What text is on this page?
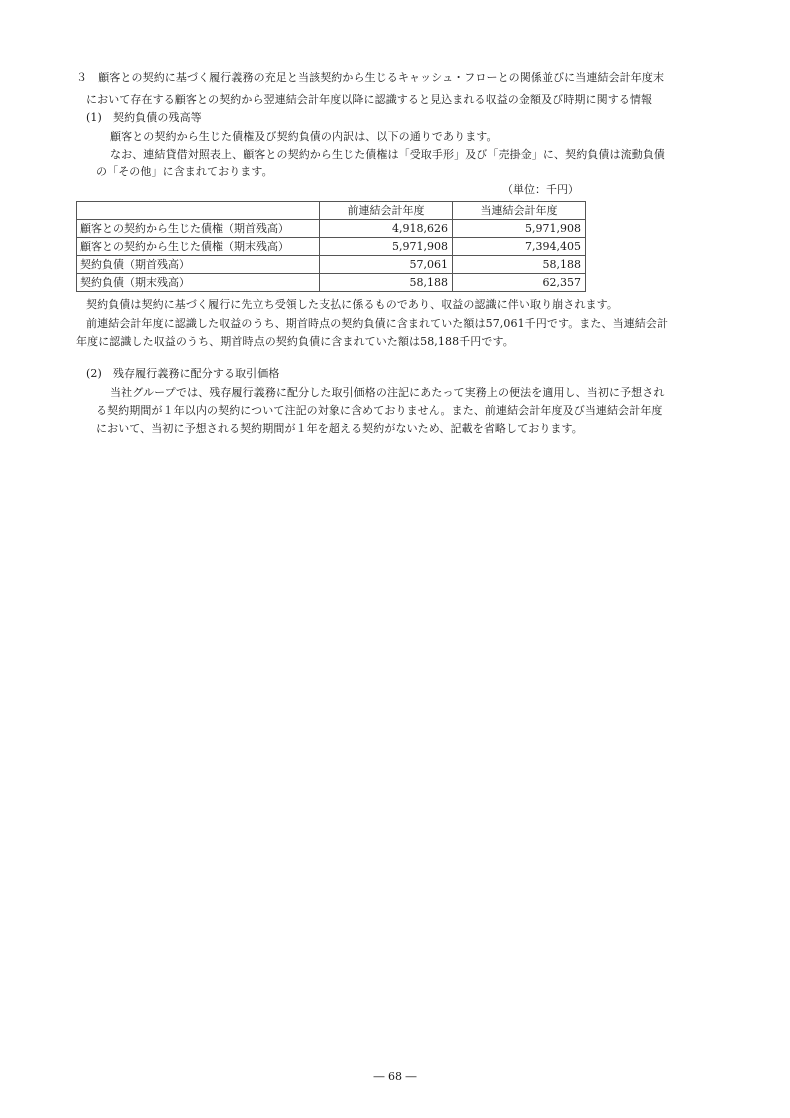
３　顧客との契約に基づく履行義務の充足と当該契約から生じるキャッシュ・フローとの関係並びに当連結会計年度末
において存在する顧客との契約から翌連結会計年度以降に認識すると見込まれる収益の金額及び時期に関する情報
(1)　契約負債の残高等
顧客との契約から生じた債権及び契約負債の内訳は、以下の通りであります。
なお、連結貸借対照表上、顧客との契約から生じた債権は「受取手形」及び「売掛金」に、契約負債は流動負債
の「その他」に含まれております。
（単位：千円）
	前連結会計年度	当連結会計年度
顧客との契約から生じた債権（期首残高）	4,918,626	5,971,908
顧客との契約から生じた債権（期末残高）	5,971,908	7,394,405
契約負債（期首残高）	57,061	58,188
契約負債（期末残高）	58,188	62,357
契約負債は契約に基づく履行に先立ち受領した支払に係るものであり、収益の認識に伴い取り崩されます。
前連結会計年度に認識した収益のうち、期首時点の契約負債に含まれていた額は57,061千円です。また、当連結会計
年度に認識した収益のうち、期首時点の契約負債に含まれていた額は58,188千円です。
(2)　残存履行義務に配分する取引価格
当社グループでは、残存履行義務に配分した取引価格の注記にあたって実務上の便法を適用し、当初に予想され
る契約期間が１年以内の契約について注記の対象に含めておりません。また、前連結会計年度及び当連結会計年度
において、当初に予想される契約期間が１年を超える契約がないため、記載を省略しております。
― 68 ―
